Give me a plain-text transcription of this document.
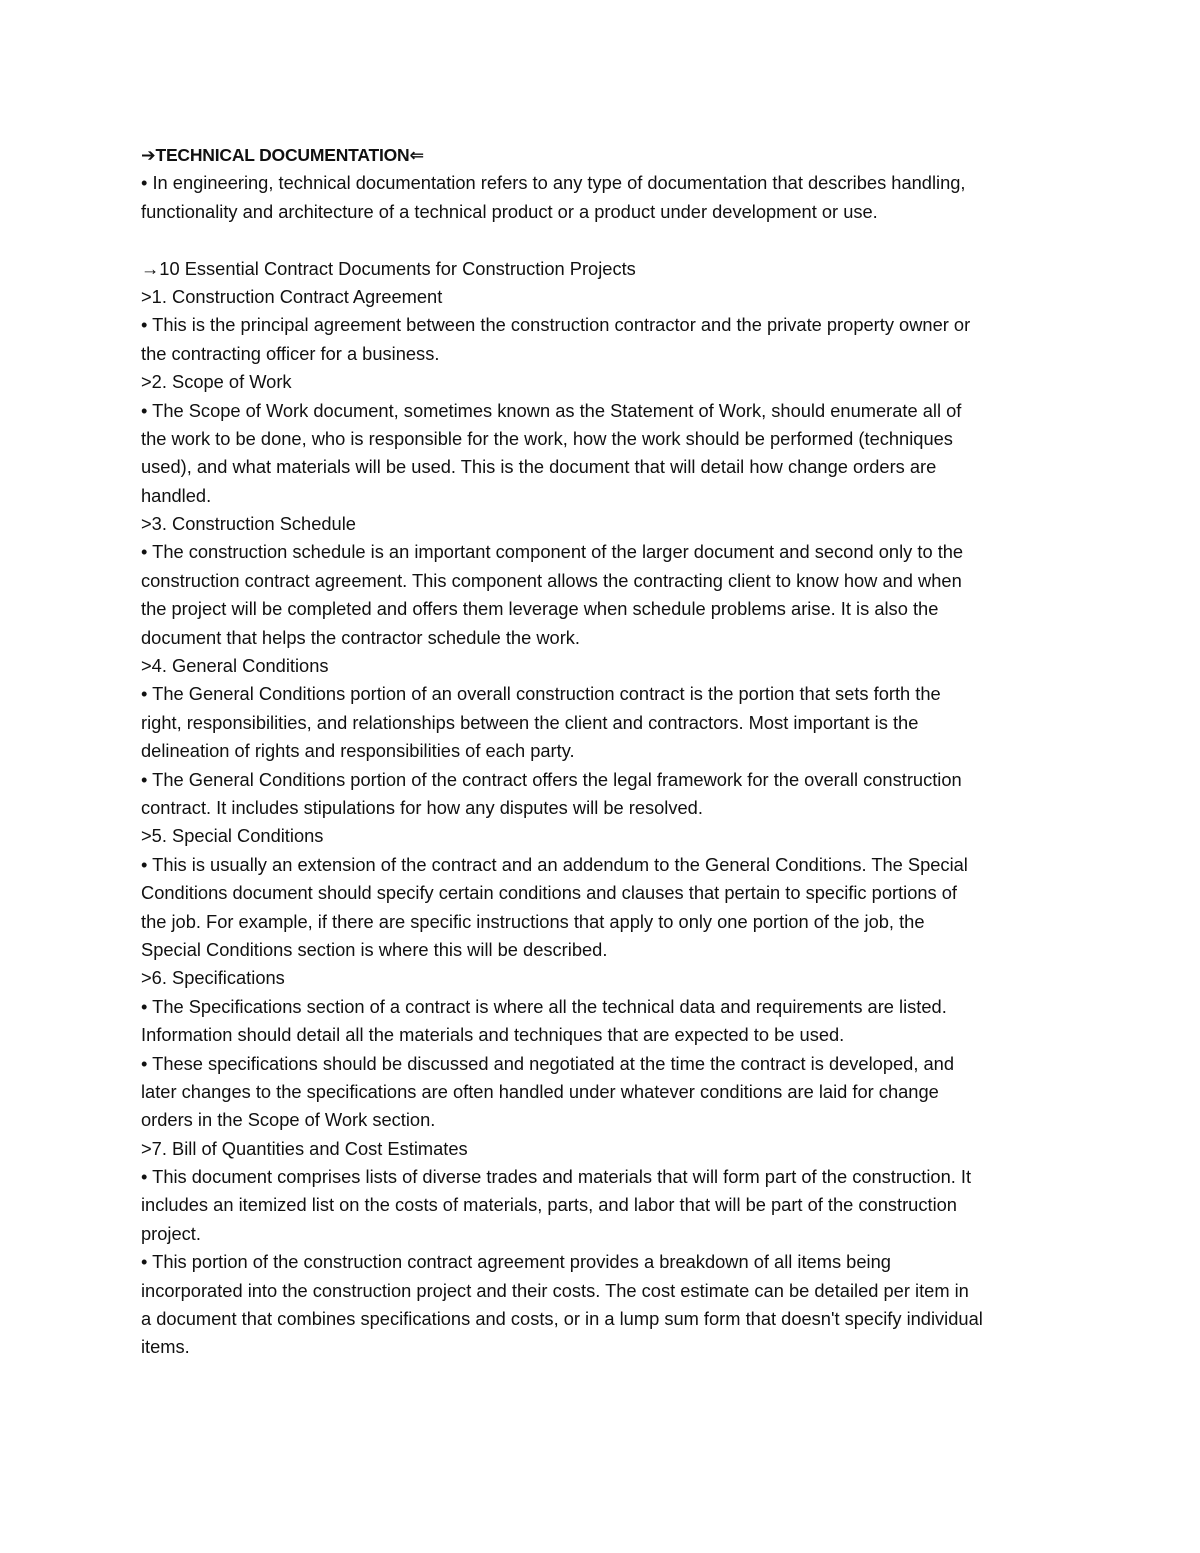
➔TECHNICAL DOCUMENTATION⇐
• In engineering, technical documentation refers to any type of documentation that describes handling,
functionality and architecture of a technical product or a product under development or use.
→10 Essential Contract Documents for Construction Projects
>1. Construction Contract Agreement
• This is the principal agreement between the construction contractor and the private property owner or
the contracting officer for a business.
>2. Scope of Work
• The Scope of Work document, sometimes known as the Statement of Work, should enumerate all of
the work to be done, who is responsible for the work, how the work should be performed (techniques
used), and what materials will be used. This is the document that will detail how change orders are
handled.
>3. Construction Schedule
• The construction schedule is an important component of the larger document and second only to the
construction contract agreement. This component allows the contracting client to know how and when
the project will be completed and offers them leverage when schedule problems arise. It is also the
document that helps the contractor schedule the work.
>4. General Conditions
• The General Conditions portion of an overall construction contract is the portion that sets forth the
right, responsibilities, and relationships between the client and contractors. Most important is the
delineation of rights and responsibilities of each party.
• The General Conditions portion of the contract offers the legal framework for the overall construction
contract. It includes stipulations for how any disputes will be resolved.
>5. Special Conditions
• This is usually an extension of the contract and an addendum to the General Conditions. The Special
Conditions document should specify certain conditions and clauses that pertain to specific portions of
the job. For example, if there are specific instructions that apply to only one portion of the job, the
Special Conditions section is where this will be described.
>6. Specifications
• The Specifications section of a contract is where all the technical data and requirements are listed.
Information should detail all the materials and techniques that are expected to be used.
• These specifications should be discussed and negotiated at the time the contract is developed, and
later changes to the specifications are often handled under whatever conditions are laid for change
orders in the Scope of Work section.
>7. Bill of Quantities and Cost Estimates
• This document comprises lists of diverse trades and materials that will form part of the construction. It
includes an itemized list on the costs of materials, parts, and labor that will be part of the construction
project.
• This portion of the construction contract agreement provides a breakdown of all items being
incorporated into the construction project and their costs. The cost estimate can be detailed per item in
a document that combines specifications and costs, or in a lump sum form that doesn't specify individual
items.
